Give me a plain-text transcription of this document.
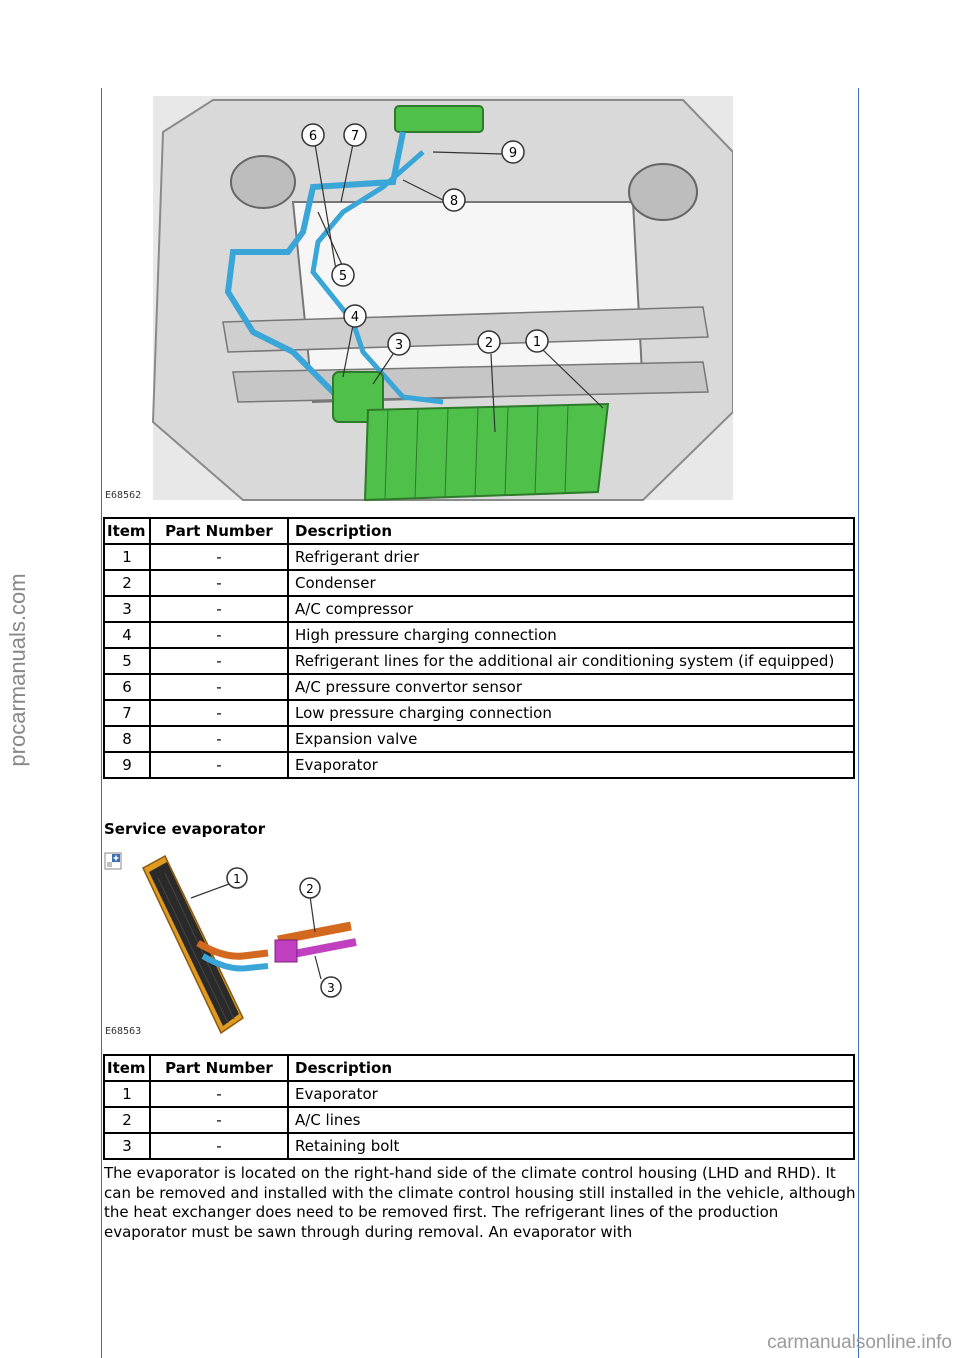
procarmanuals.com
1
2
3
4
5
6	7
8
9
E68562
Item	Part Number	Description
1	-	Refrigerant drier
2	-	Condenser
3	-	A/C compressor
4	-	High pressure charging connection
5	-	Refrigerant lines for the additional air conditioning system (if equipped)
6	-	A/C pressure convertor sensor
7	-	Low pressure charging connection
8	-	Expansion valve
9	-	Evaporator
Service evaporator
1
2
3
E68563
Item	Part Number	Description
1	-	Evaporator
2	-	A/C lines
3	-	Retaining bolt
The evaporator is located on the right-hand side of the climate control housing (LHD and RHD). It can be removed and installed with the climate control housing still installed in the vehicle, although the heat exchanger does need to be removed first. The refrigerant lines of the production evaporator must be sawn through during removal. An evaporator with
carmanualsonline.info
